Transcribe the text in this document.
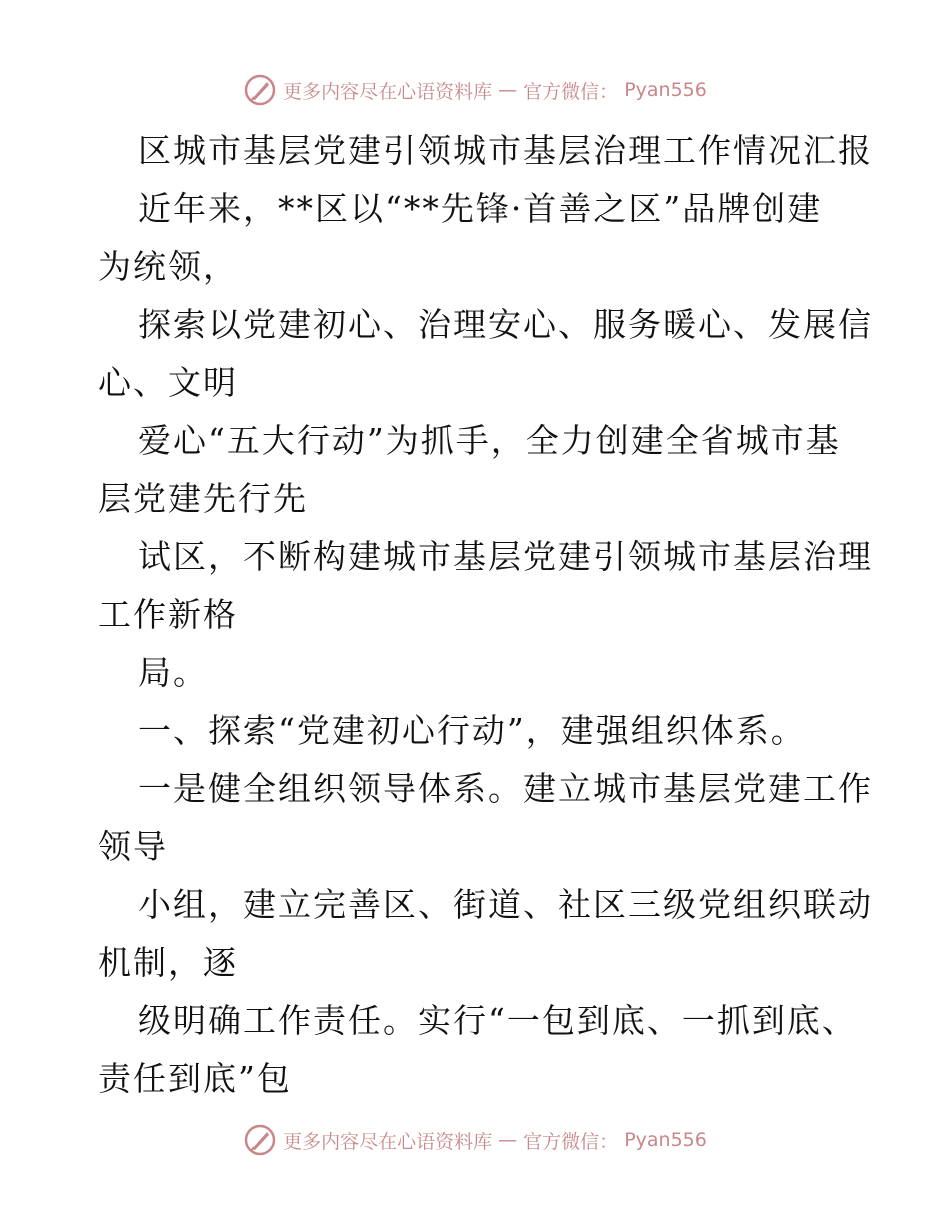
更多内容尽在心语资料库 — 官方微信： Pyan556

区城市基层党建引领城市基层治理工作情况汇报

近年来，**区以“**先锋·首善之区”品牌创建

为统领，

探索以党建初心、治理安心、服务暖心、发展信

心、文明

爱心“五大行动”为抓手，全力创建全省城市基

层党建先行先

试区，不断构建城市基层党建引领城市基层治理

工作新格

局。

一、探索“党建初心行动”，建强组织体系。

一是健全组织领导体系。建立城市基层党建工作

领导

小组，建立完善区、街道、社区三级党组织联动

机制，逐

级明确工作责任。实行“一包到底、一抓到底、

责任到底”包

更多内容尽在心语资料库 — 官方微信： Pyan556
